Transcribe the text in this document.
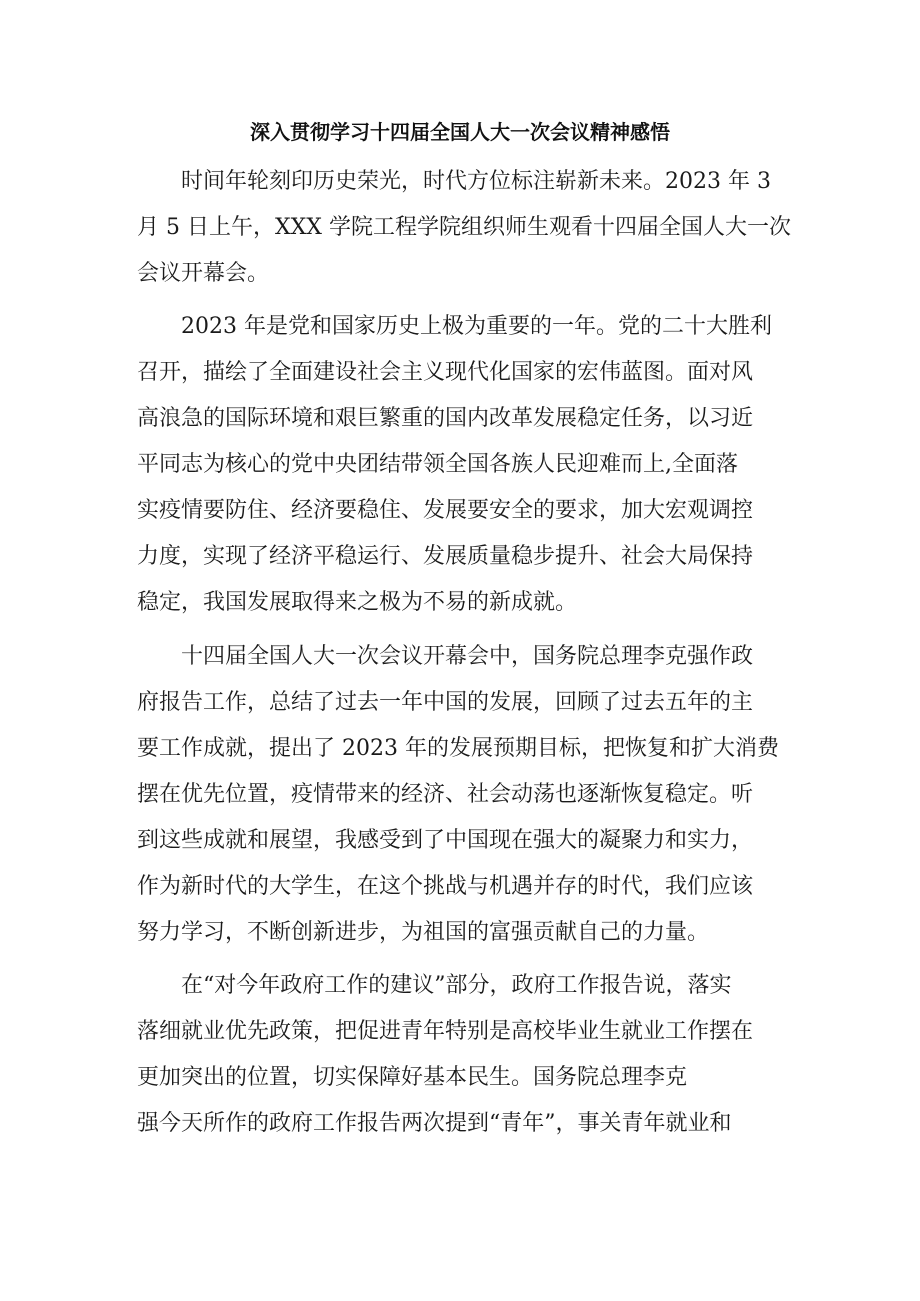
深入贯彻学习十四届全国人大一次会议精神感悟

时间年轮刻印历史荣光，时代方位标注崭新未来。2023 年 3

月 5 日上午，XXX 学院工程学院组织师生观看十四届全国人大一次

会议开幕会。

2023 年是党和国家历史上极为重要的一年。党的二十大胜利

召开，描绘了全面建设社会主义现代化国家的宏伟蓝图。面对风

高浪急的国际环境和艰巨繁重的国内改革发展稳定任务，以习近

平同志为核心的党中央团结带领全国各族人民迎难而上,全面落

实疫情要防住、经济要稳住、发展要安全的要求，加大宏观调控

力度，实现了经济平稳运行、发展质量稳步提升、社会大局保持

稳定，我国发展取得来之极为不易的新成就。

十四届全国人大一次会议开幕会中，国务院总理李克强作政

府报告工作，总结了过去一年中国的发展，回顾了过去五年的主

要工作成就，提出了 2023 年的发展预期目标，把恢复和扩大消费

摆在优先位置，疫情带来的经济、社会动荡也逐渐恢复稳定。听

到这些成就和展望，我感受到了中国现在强大的凝聚力和实力，

作为新时代的大学生，在这个挑战与机遇并存的时代，我们应该

努力学习，不断创新进步，为祖国的富强贡献自己的力量。

在“对今年政府工作的建议”部分，政府工作报告说，落实

落细就业优先政策，把促进青年特别是高校毕业生就业工作摆在

更加突出的位置，切实保障好基本民生。国务院总理李克

强今天所作的政府工作报告两次提到“青年”，事关青年就业和
